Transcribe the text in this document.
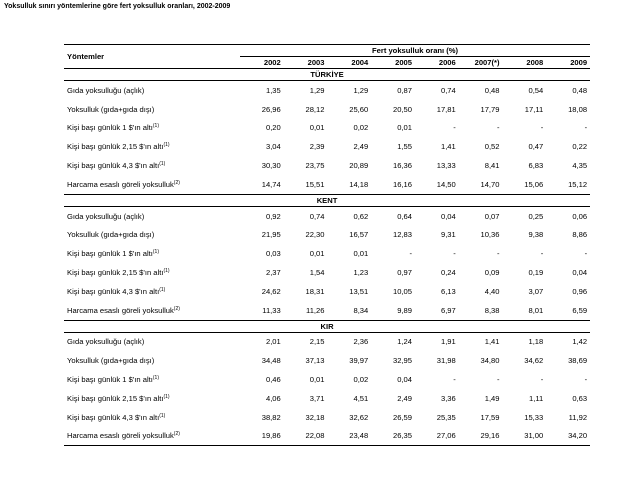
Yoksulluk sınırı yöntemlerine göre fert yoksulluk oranları, 2002-2009
	Fert yoksulluk oranı (%)							
Yöntemler	2002	2003	2004	2005	2006	2007(*)	2008	2009
TÜRKİYE								
Gıda yoksulluğu (açlık)	1,35	1,29	1,29	0,87	0,74	0,48	0,54	0,48
Yoksulluk (gıda+gıda dışı)	26,96	28,12	25,60	20,50	17,81	17,79	17,11	18,08
Kişi başı günlük 1 $'ın altı$^{(1)}$	0,20	0,01	0,02	0,01	-	-	-	-
Kişi başı günlük 2,15 $'ın altı$^{(1)}$	3,04	2,39	2,49	1,55	1,41	0,52	0,47	0,22
Kişi başı günlük 4,3 $'ın altı$^{(1)}$	30,30	23,75	20,89	16,36	13,33	8,41	6,83	4,35
Harcama esaslı göreli yoksulluk$^{(2)}$	14,74	15,51	14,18	16,16	14,50	14,70	15,06	15,12
KENT								
Gıda yoksulluğu (açlık)	0,92	0,74	0,62	0,64	0,04	0,07	0,25	0,06
Yoksulluk (gıda+gıda dışı)	21,95	22,30	16,57	12,83	9,31	10,36	9,38	8,86
Kişi başı günlük 1 $'ın altı$^{(1)}$	0,03	0,01	0,01	-	-	-	-	-
Kişi başı günlük 2,15 $'ın altı$^{(1)}$	2,37	1,54	1,23	0,97	0,24	0,09	0,19	0,04
Kişi başı günlük 4,3 $'ın altı$^{(1)}$	24,62	18,31	13,51	10,05	6,13	4,40	3,07	0,96
Harcama esaslı göreli yoksulluk$^{(2)}$	11,33	11,26	8,34	9,89	6,97	8,38	8,01	6,59
KIR								
Gıda yoksulluğu (açlık)	2,01	2,15	2,36	1,24	1,91	1,41	1,18	1,42
Yoksulluk (gıda+gıda dışı)	34,48	37,13	39,97	32,95	31,98	34,80	34,62	38,69
Kişi başı günlük 1 $'ın altı$^{(1)}$	0,46	0,01	0,02	0,04	-	-	-	-
Kişi başı günlük 2,15 $'ın altı$^{(1)}$	4,06	3,71	4,51	2,49	3,36	1,49	1,11	0,63
Kişi başı günlük 4,3 $'ın altı$^{(1)}$	38,82	32,18	32,62	26,59	25,35	17,59	15,33	11,92
Harcama esaslı göreli yoksulluk$^{(2)}$	19,86	22,08	23,48	26,35	27,06	29,16	31,00	34,20
